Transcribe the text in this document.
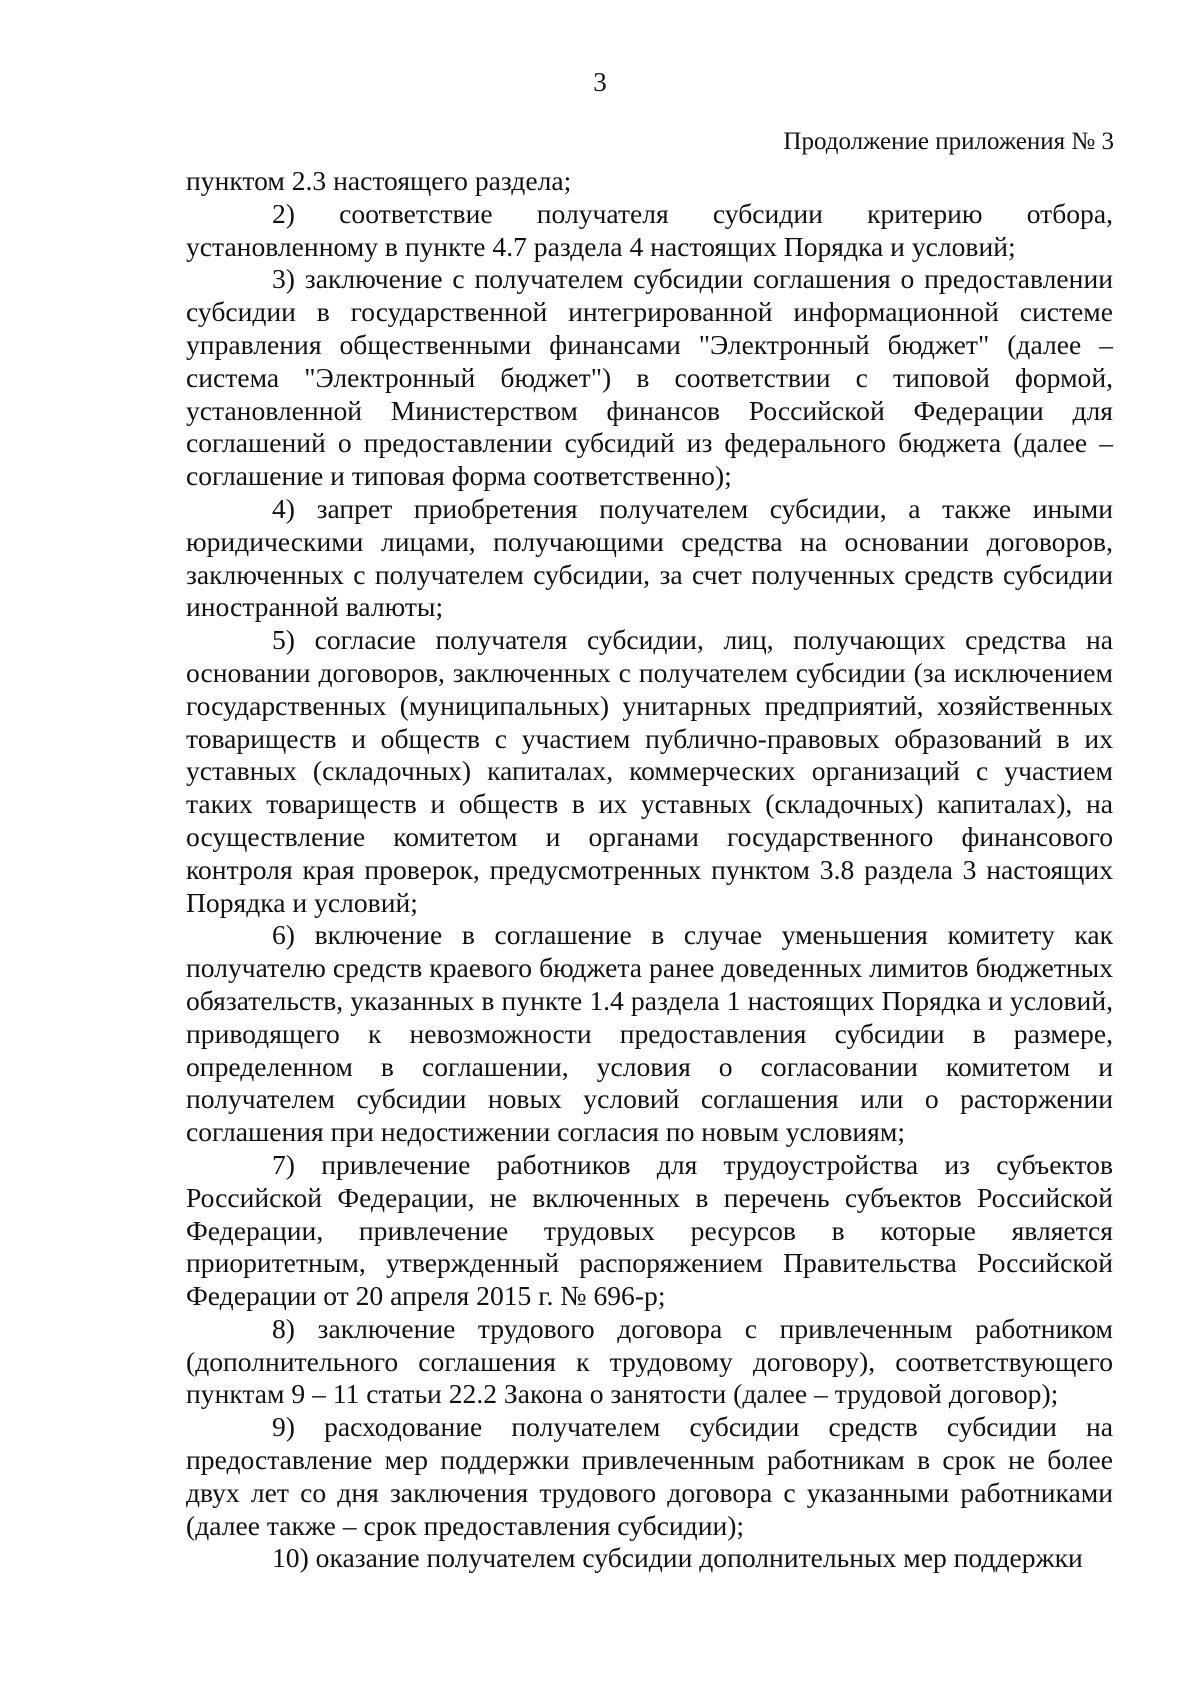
3
Продолжение приложения № 3

пунктом 2.3 настоящего раздела;

2) соответствие получателя субсидии критерию отбора, установленному в пункте 4.7 раздела 4 настоящих Порядка и условий;

3) заключение с получателем субсидии соглашения о предоставлении субсидии в государственной интегрированной информационной системе управления общественными финансами "Электронный бюджет" (далее – система "Электронный бюджет") в соответствии с типовой формой, установленной Министерством финансов Российской Федерации для соглашений о предоставлении субсидий из федерального бюджета (далее – соглашение и типовая форма соответственно);

4) запрет приобретения получателем субсидии, а также иными юридическими лицами, получающими средства на основании договоров, заключенных с получателем субсидии, за счет полученных средств субсидии иностранной валюты;

5) согласие получателя субсидии, лиц, получающих средства на основании договоров, заключенных с получателем субсидии (за исключением государственных (муниципальных) унитарных предприятий, хозяйственных товариществ и обществ с участием публично-правовых образований в их уставных (складочных) капиталах, коммерческих организаций с участием таких товариществ и обществ в их уставных (складочных) капиталах), на осуществление комитетом и органами государственного финансового контроля края проверок, предусмотренных пунктом 3.8 раздела 3 настоящих Порядка и условий;

6) включение в соглашение в случае уменьшения комитету как получателю средств краевого бюджета ранее доведенных лимитов бюджетных обязательств, указанных в пункте 1.4 раздела 1 настоящих Порядка и условий, приводящего к невозможности предоставления субсидии в размере, определенном в соглашении, условия о согласовании комитетом и получателем субсидии новых условий соглашения или о расторжении соглашения при недостижении согласия по новым условиям;

7) привлечение работников для трудоустройства из субъектов Российской Федерации, не включенных в перечень субъектов Российской Федерации, привлечение трудовых ресурсов в которые является приоритетным, утвержденный распоряжением Правительства Российской Федерации от 20 апреля 2015 г. № 696-р;

8) заключение трудового договора с привлеченным работником (дополнительного соглашения к трудовому договору), соответствующего пунктам 9 – 11 статьи 22.2 Закона о занятости (далее – трудовой договор);

9) расходование получателем субсидии средств субсидии на предоставление мер поддержки привлеченным работникам в срок не более двух лет со дня заключения трудового договора с указанными работниками (далее также – срок предоставления субсидии);

10) оказание получателем субсидии дополнительных мер поддержки
